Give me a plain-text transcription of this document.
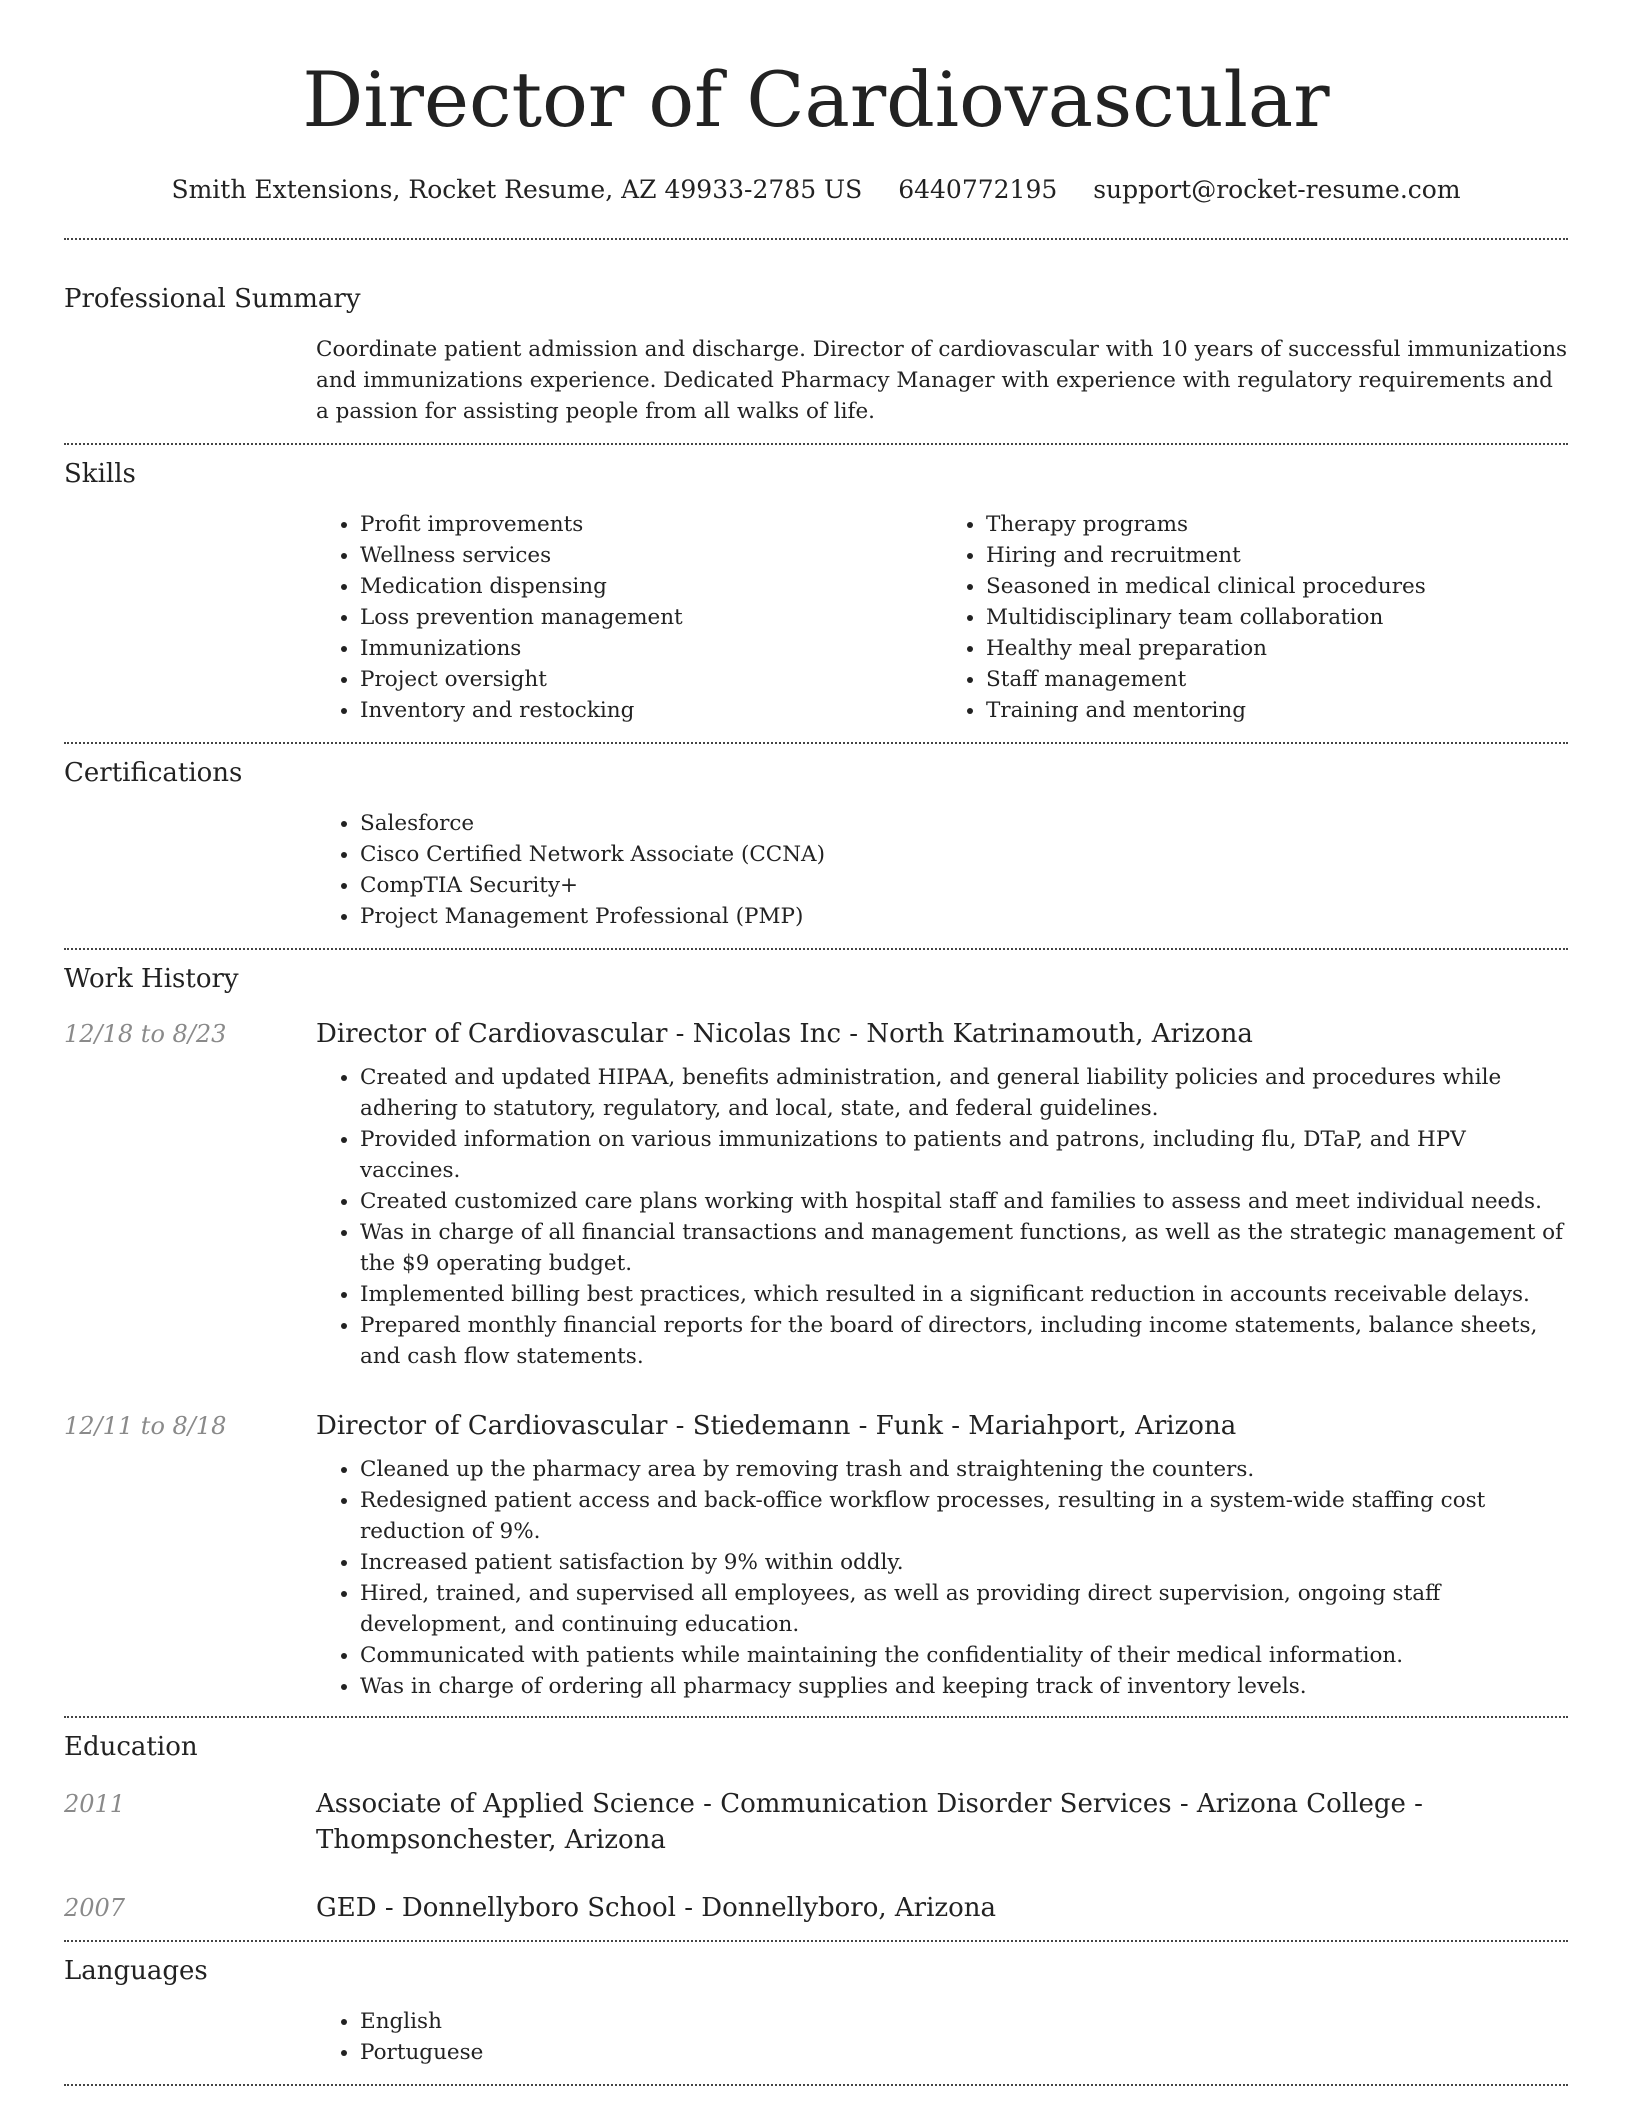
Director of Cardiovascular
Smith Extensions, Rocket Resume, AZ 49933-2785 US 6440772195 support@rocket-resume.com
Professional Summary
Coordinate patient admission and discharge. Director of cardiovascular with 10 years of successful immunizations and immunizations experience. Dedicated Pharmacy Manager with experience with regulatory requirements and a passion for assisting people from all walks of life.
Skills
• Profit improvements
• Wellness services
• Medication dispensing
• Loss prevention management
• Immunizations
• Project oversight
• Inventory and restocking
• Therapy programs
• Hiring and recruitment
• Seasoned in medical clinical procedures
• Multidisciplinary team collaboration
• Healthy meal preparation
• Staff management
• Training and mentoring
Certifications
• Salesforce
• Cisco Certified Network Associate (CCNA)
• CompTIA Security+
• Project Management Professional (PMP)
Work History
12/18 to 8/23	Director of Cardiovascular - Nicolas Inc - North Katrinamouth, Arizona
• Created and updated HIPAA, benefits administration, and general liability policies and procedures while adhering to statutory, regulatory, and local, state, and federal guidelines.
• Provided information on various immunizations to patients and patrons, including flu, DTaP, and HPV vaccines.
• Created customized care plans working with hospital staff and families to assess and meet individual needs.
• Was in charge of all financial transactions and management functions, as well as the strategic management of the $9 operating budget.
• Implemented billing best practices, which resulted in a significant reduction in accounts receivable delays.
• Prepared monthly financial reports for the board of directors, including income statements, balance sheets, and cash flow statements.
12/11 to 8/18	Director of Cardiovascular - Stiedemann - Funk - Mariahport, Arizona
• Cleaned up the pharmacy area by removing trash and straightening the counters.
• Redesigned patient access and back-office workflow processes, resulting in a system-wide staffing cost reduction of 9%.
• Increased patient satisfaction by 9% within oddly.
• Hired, trained, and supervised all employees, as well as providing direct supervision, ongoing staff development, and continuing education.
• Communicated with patients while maintaining the confidentiality of their medical information.
• Was in charge of ordering all pharmacy supplies and keeping track of inventory levels.
Education
2011	Associate of Applied Science - Communication Disorder Services - Arizona College - Thompsonchester, Arizona
2007	GED - Donnellyboro School - Donnellyboro, Arizona
Languages
• English
• Portuguese
